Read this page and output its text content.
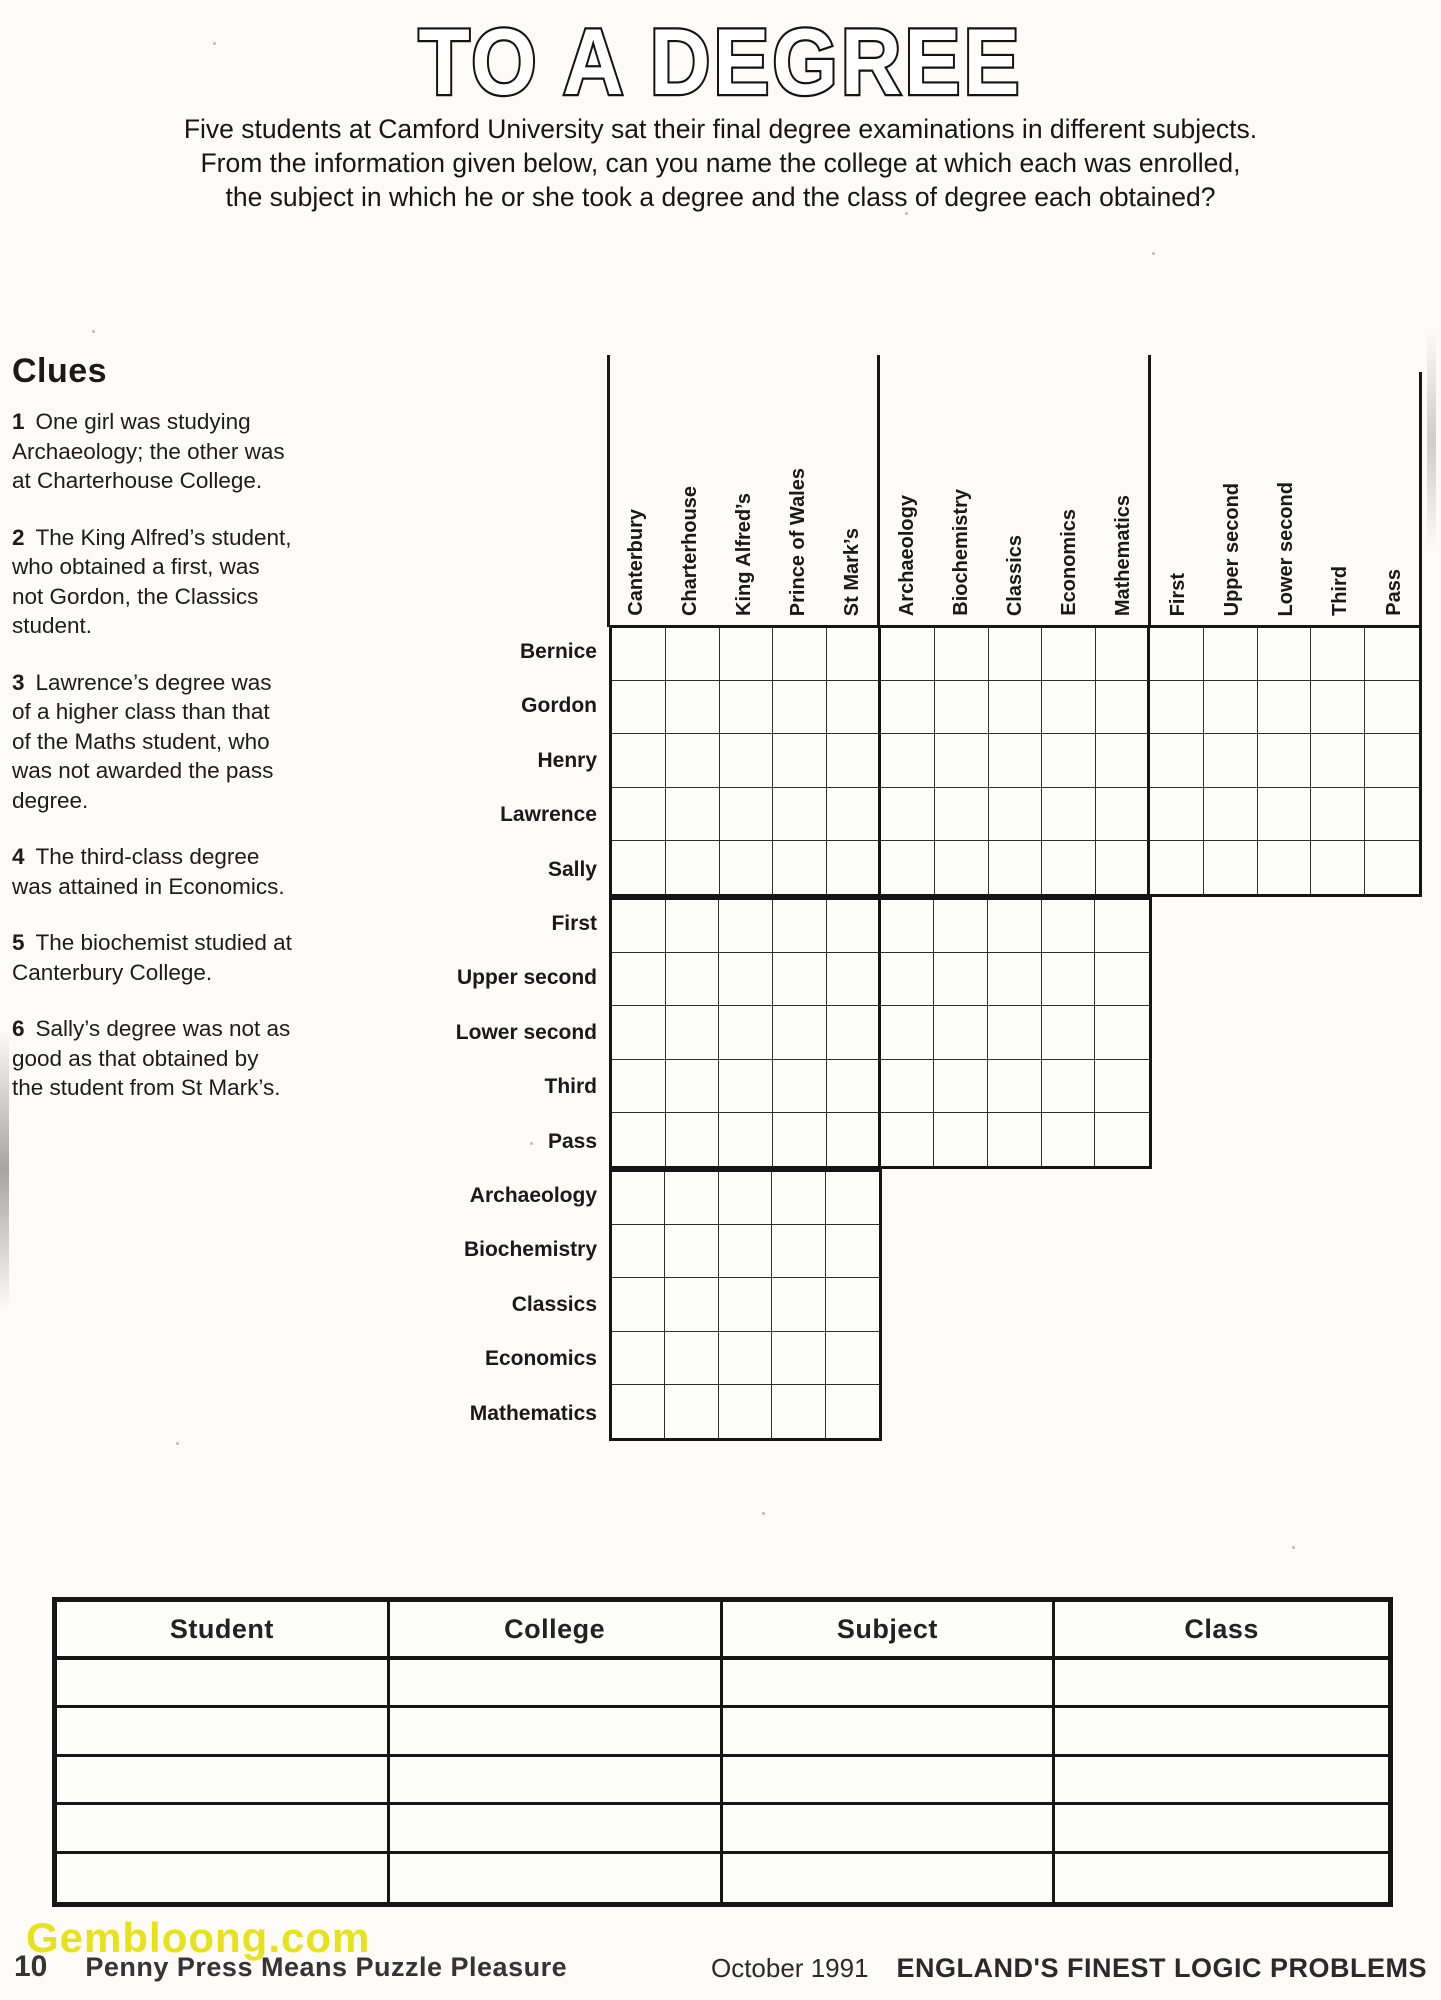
TO A DEGREE
Five students at Camford University sat their final degree examinations in different subjects.
From the information given below, can you name the college at which each was enrolled,
the subject in which he or she took a degree and the class of degree each obtained?
Clues
1 One girl was studying Archaeology; the other was at Charterhouse College.
2 The King Alfred’s student, who obtained a first, was not Gordon, the Classics student.
3 Lawrence’s degree was of a higher class than that of the Maths student, who was not awarded the pass degree.
4 The third-class degree was attained in Economics.
5 The biochemist studied at Canterbury College.
6 Sally’s degree was not as good as that obtained by the student from St Mark’s.
Canterbury Charterhouse King Alfred’s Prince of Wales St Mark’s Archaeology Biochemistry Classics Economics Mathematics First Upper second Lower second Third Pass
Bernice
Gordon
Henry
Lawrence
Sally
First
Upper second
Lower second
Third
Pass
Archaeology
Biochemistry
Classics
Economics
Mathematics
Student	College	Subject	Class
Gembloong.com
10 Penny Press Means Puzzle Pleasure	October 1991 ENGLAND'S FINEST LOGIC PROBLEMS
